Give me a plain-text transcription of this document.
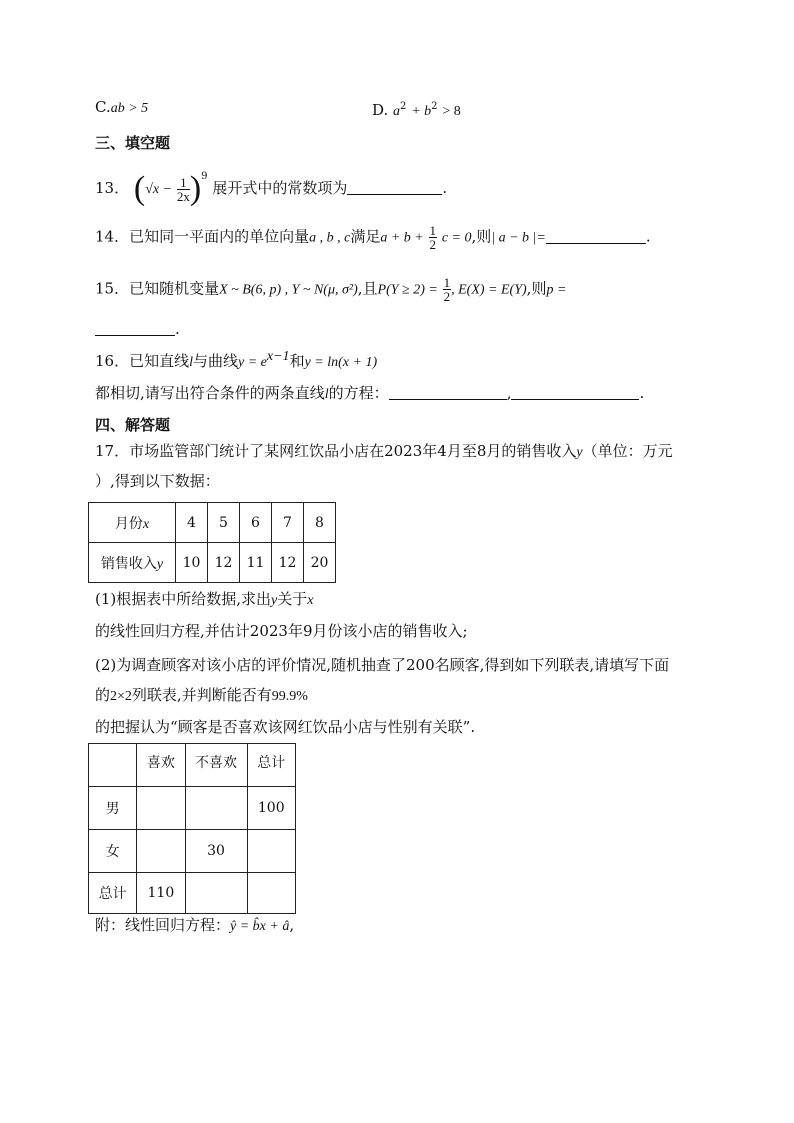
C.ab > 5	D. $a^2 + b^2 > 8$
三、填空题
13． $(√x - \frac{1}{2x} )^9$ 展开式中的常数项为	.
14．已知同一平面内的单位向量a , b , c满足$a + b + \frac{1}{2}$ c = 0,则| a − b |=	.
15．已知随机变量X ~ B(6, p) , Y ~ N(μ, σ²),且$P(Y \ge 2) = \frac{1}{2}$ , E(X) = E(Y),则p =
.
16．已知直线l与曲线$y = e^{x-1}$和y = ln(x + 1)
都相切,请写出符合条件的两条直线l的方程：	,	.
四、解答题
17．市场监管部门统计了某网红饮品小店在2023年4月至8月的销售收入y（单位：万元
）,得到以下数据：
月份x	4	5	6	7	8
销售收入y	10	12	11	12	20
(1)根据表中所给数据,求出y关于x
的线性回归方程,并估计2023年9月份该小店的销售收入;
(2)为调查顾客对该小店的评价情况,随机抽查了200名顾客,得到如下列联表,请填写下面
的2×2列联表,并判断能否有99.9%
的把握认为“顾客是否喜欢该网红饮品小店与性别有关联”.
	喜欢	不喜欢	总计
男			100
女		30	
总计	110		
附：线性回归方程：ŷ = b̂x + â,
